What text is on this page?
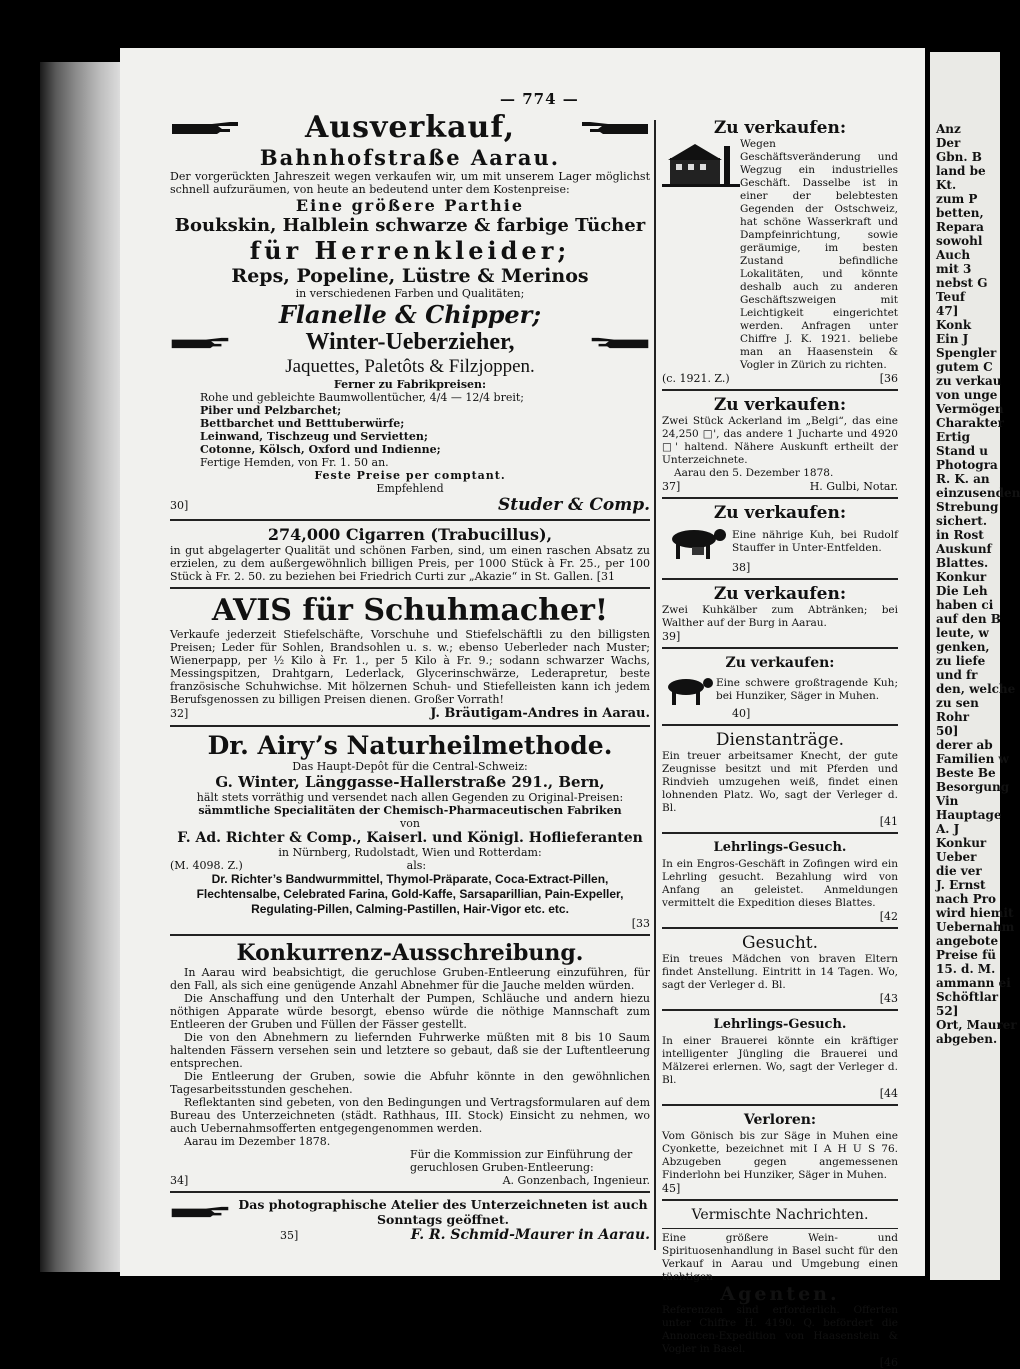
— 774 —
Ausverkauf,
Bahnhofstraße Aarau.

Der vorgerückten Jahreszeit wegen verkaufen wir, um mit unserem Lager möglichst schnell aufzuräumen, von heute an bedeutend unter dem Kostenpreise:

Eine größere Parthie
Boukskin, Halblein schwarze & farbige Tücher
für Herrenkleider;
Reps, Popeline, Lüstre & Merinos
in verschiedenen Farben und Qualitäten;
Flanelle & Chipper;
Winter-Ueberzieher,
Jaquettes, Paletôts & Filzjoppen.
Ferner zu Fabrikpreisen:
Rohe und gebleichte Baumwollentücher, 4/4 — 12/4 breit;
Piber und Pelzbarchet;
Bettbarchet und Betttuberwürfe;
Leinwand, Tischzeug und Servietten;
Cotonne, Kölsch, Oxford und Indienne;
Fertige Hemden, von Fr. 1. 50 an.
Feste Preise per comptant.
Empfehlend
30]	Studer & Comp.
274,000 Cigarren (Trabucillus),

in gut abgelagerter Qualität und schönen Farben, sind, um einen raschen Absatz zu erzielen, zu dem außergewöhnlich billigen Preis, per 1000 Stück à Fr. 25., per 100 Stück à Fr. 2. 50. zu beziehen bei Friedrich Curti zur „Akazie“ in St. Gallen. [31

AVIS für Schuhmacher!

Verkaufe jederzeit Stiefelschäfte, Vorschuhe und Stiefelschäftli zu den billigsten Preisen; Leder für Sohlen, Brandsohlen u. s. w.; ebenso Ueberleder nach Muster; Wienerpapp, per ½ Kilo à Fr. 1., per 5 Kilo à Fr. 9.; sodann schwarzer Wachs, Messingspitzen, Drahtgarn, Lederlack, Glycerinschwärze, Lederapretur, beste französische Schuhwichse. Mit hölzernen Schuh- und Stiefelleisten kann ich jedem Berufsgenossen zu billigen Preisen dienen. Großer Vorrath!

32]	J. Bräutigam-Andres in Aarau.
Dr. Airy’s Naturheilmethode.
Das Haupt-Depôt für die Central-Schweiz:
G. Winter, Länggasse-Hallerstraße 291., Bern,
hält stets vorräthig und versendet nach allen Gegenden zu Original-Preisen:
sämmtliche Specialitäten der Chemisch-Pharmaceutischen Fabriken
von
F. Ad. Richter & Comp., Kaiserl. und Königl. Hoflieferanten
in Nürnberg, Rudolstadt, Wien und Rotterdam:
(M. 4098. Z.)	als:

Dr. Richter’s Bandwurmmittel, Thymol-Präparate, Coca-Extract-Pillen, Flechtensalbe, Celebrated Farina, Gold-Kaffe, Sarsaparillian, Pain-Expeller, Regulating-Pillen, Calming-Pastillen, Hair-Vigor etc. etc.

[33
Konkurrenz-Ausschreibung.

In Aarau wird beabsichtigt, die geruchlose Gruben-Entleerung einzuführen, für den Fall, als sich eine genügende Anzahl Abnehmer für die Jauche melden würden.

Die Anschaffung und den Unterhalt der Pumpen, Schläuche und andern hiezu nöthigen Apparate würde besorgt, ebenso würde die nöthige Mannschaft zum Entleeren der Gruben und Füllen der Fässer gestellt.

Die von den Abnehmern zu liefernden Fuhrwerke müßten mit 8 bis 10 Saum haltenden Fässern versehen sein und letztere so gebaut, daß sie der Luftentleerung entsprechen.

Die Entleerung der Gruben, sowie die Abfuhr könnte in den gewöhnlichen Tagesarbeitsstunden geschehen.

Reflektanten sind gebeten, von den Bedingungen und Vertragsformularen auf dem Bureau des Unterzeichneten (städt. Rathhaus, III. Stock) Einsicht zu nehmen, wo auch Uebernahmsofferten entgegengenommen werden.

Aarau im Dezember 1878.

Für die Kommission zur Einführung der geruchlosen Gruben-Entleerung:

34]	A. Gonzenbach, Ingenieur.
Das photographische Atelier des Unterzeichneten ist auch Sonntags geöffnet.
35]	F. R. Schmid-Maurer in Aarau.
Zu verkaufen:

Wegen Geschäftsveränderung und Wegzug ein industrielles Geschäft. Dasselbe ist in einer der belebtesten Gegenden der Ostschweiz, hat schöne Wasserkraft und Dampfeinrichtung, sowie geräumige, im besten Zustand befindliche Lokalitäten, und könnte deshalb auch zu anderen Geschäftszweigen mit Leichtigkeit eingerichtet werden. Anfragen unter Chiffre J. K. 1921. beliebe man an Haasenstein & Vogler in Zürich zu richten.

(c. 1921. Z.)	[36
Zu verkaufen:

Zwei Stück Ackerland im „Belgi“, das eine 24,250 □', das andere 1 Jucharte und 4920 □' haltend. Nähere Auskunft ertheilt der Unterzeichnete.

Aarau den 5. Dezember 1878.

37]	H. Gulbi, Notar.
Zu verkaufen:

Eine nährige Kuh, bei Rudolf Stauffer in Unter-Entfelden.

38]
Zu verkaufen:

Zwei Kuhkälber zum Abtränken; bei Walther auf der Burg in Aarau.

39]
Zu verkaufen:

Eine schwere großtragende Kuh; bei Hunziker, Säger in Muhen.

40]
Dienstanträge.

Ein treuer arbeitsamer Knecht, der gute Zeugnisse besitzt und mit Pferden und Rindvieh umzugehen weiß, findet einen lohnenden Platz. Wo, sagt der Verleger d. Bl.

[41
Lehrlings-Gesuch.

In ein Engros-Geschäft in Zofingen wird ein Lehrling gesucht. Bezahlung wird von Anfang an geleistet. Anmeldungen vermittelt die Expedition dieses Blattes.

[42
Gesucht.

Ein treues Mädchen von braven Eltern findet Anstellung. Eintritt in 14 Tagen. Wo, sagt der Verleger d. Bl.

[43
Lehrlings-Gesuch.

In einer Brauerei könnte ein kräftiger intelligenter Jüngling die Brauerei und Mälzerei erlernen. Wo, sagt der Verleger d. Bl.

[44
Verloren:

Vom Gönisch bis zur Säge in Muhen eine Cyonkette, bezeichnet mit I A H U S 76. Abzugeben gegen angemessenen Finderlohn bei Hunziker, Säger in Muhen.

45]
Vermischte Nachrichten.

Eine größere Wein- und Spirituosenhandlung in Basel sucht für den Verkauf in Aarau und Umgebung einen tüchtigen

Agenten.

Referenzen sind erforderlich. Offerten unter Chiffre H. 4190. Q. befördert die Annoncen-Expedition von Haasenstein & Vogler in Basel.

[46
Anz
Der
Gbn. B
land be
Kt.
zum P
betten,
Repara
sowohl
Auch
mit 3
nebst G
Teuf
47]
Konk
Ein J
Spengler
gutem C
zu verkau
von unge
Vermögen
Charakter
Ertig
Stand u
Photogra
R. K. an
einzusenden
Strebung
sichert.
in Rost
Auskunf
Blattes.
Konkur
Die Leh
haben ci
auf den B
leute, w
genken,
zu liefe
und fr
den, welche
zu sen
Rohr
50]
derer ab
Familien w
Beste Be
Besorgung
Vin
Hauptage
A. J
Konkur
Ueber
die ver
J. Ernst
nach Pro
wird hiemit
Uebernahm
angebote
Preise fü
15. d. M.
ammann ei
Schöftlar
52]
Ort, Maurer
abgeben.
